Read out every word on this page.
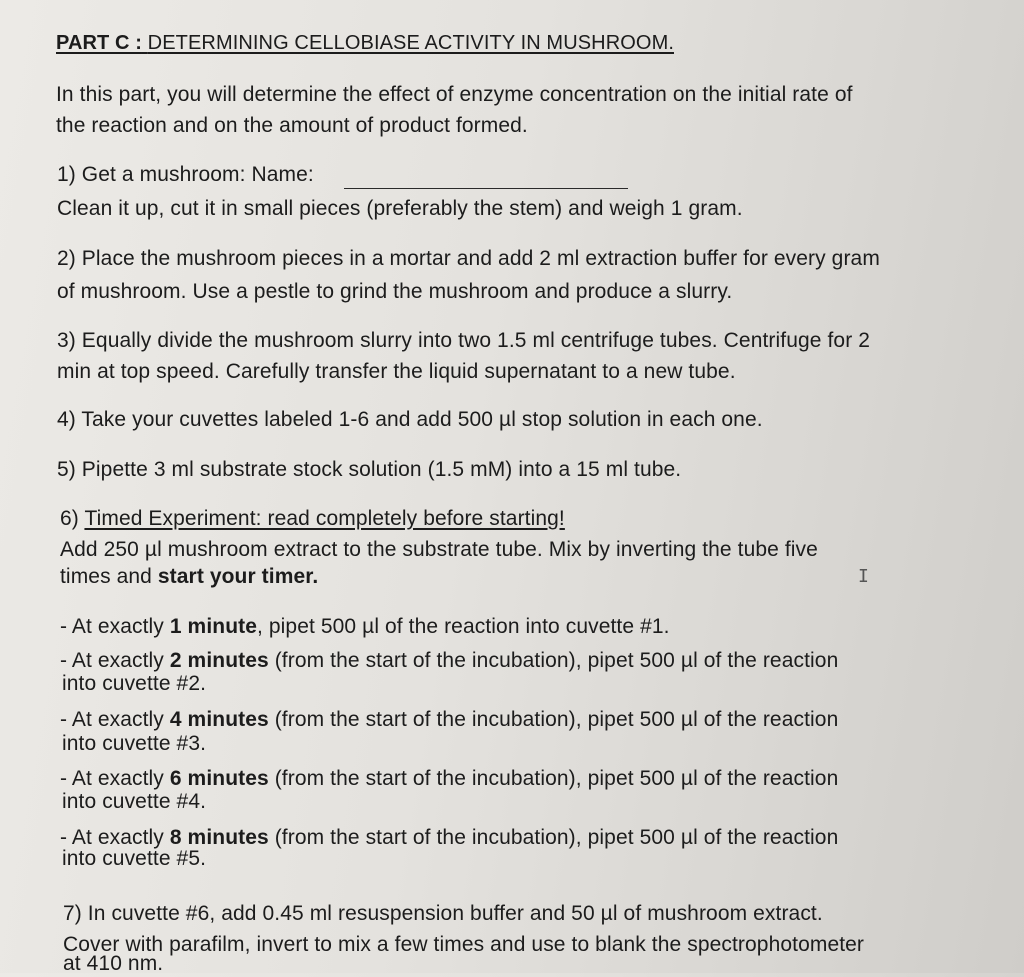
PART C : DETERMINING CELLOBIASE ACTIVITY IN MUSHROOM.
In this part, you will determine the effect of enzyme concentration on the initial rate of
the reaction and on the amount of product formed.
1) Get a mushroom: Name:
Clean it up, cut it in small pieces (preferably the stem) and weigh 1 gram.
2) Place the mushroom pieces in a mortar and add 2 ml extraction buffer for every gram
of mushroom. Use a pestle to grind the mushroom and produce a slurry.
3) Equally divide the mushroom slurry into two 1.5 ml centrifuge tubes. Centrifuge for 2
min at top speed. Carefully transfer the liquid supernatant to a new tube.
4) Take your cuvettes labeled 1-6 and add 500 µl stop solution in each one.
5) Pipette 3 ml substrate stock solution (1.5 mM) into a 15 ml tube.
6) Timed Experiment: read completely before starting!
Add 250 µl mushroom extract to the substrate tube. Mix by inverting the tube five
times and start your timer.	I
- At exactly 1 minute, pipet 500 µl of the reaction into cuvette #1.
- At exactly 2 minutes (from the start of the incubation), pipet 500 µl of the reaction
into cuvette #2.
- At exactly 4 minutes (from the start of the incubation), pipet 500 µl of the reaction
into cuvette #3.
- At exactly 6 minutes (from the start of the incubation), pipet 500 µl of the reaction
into cuvette #4.
- At exactly 8 minutes (from the start of the incubation), pipet 500 µl of the reaction
into cuvette #5.
7) In cuvette #6, add 0.45 ml resuspension buffer and 50 µl of mushroom extract.
Cover with parafilm, invert to mix a few times and use to blank the spectrophotometer
at 410 nm.
